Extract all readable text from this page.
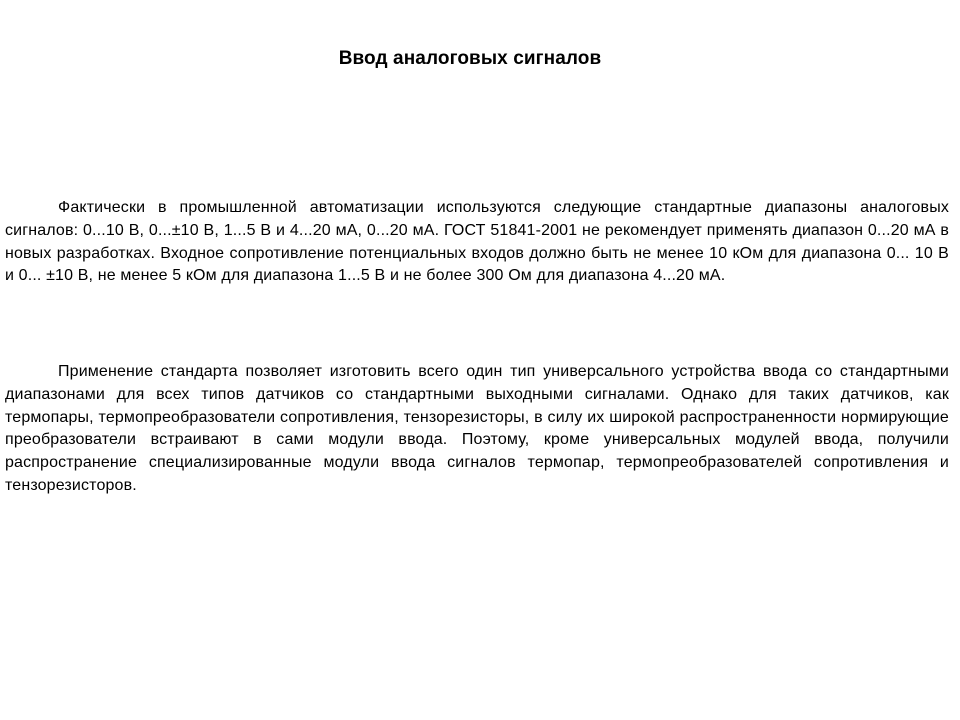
Ввод аналоговых сигналов

Фактически в промышленной автоматизации используются следующие стандартные диапазоны аналоговых сигналов: 0...10 В, 0...±10 В, 1...5 В и 4...20 мА, 0...20 мА. ГОСТ 51841-2001 не рекомендует применять диапазон 0...20 мА в новых разработках. Входное сопротивление потенциальных входов должно быть не менее 10 кОм для диапазона 0... 10 В и 0... ±10 В, не менее 5 кОм для диапазона 1...5 В и не более 300 Ом для диапазона 4...20 мА.

Применение стандарта позволяет изготовить всего один тип универсального устройства ввода со стандартными диапазонами для всех типов датчиков со стандартными выходными сигналами. Однако для таких датчиков, как термопары, термопреобразователи сопротивления, тензорезисторы, в силу их широкой распространенности нормирующие преобразователи встраивают в сами модули ввода. Поэтому, кроме универсальных модулей ввода, получили распространение специализированные модули ввода сигналов термопар, термопреобразователей сопротивления и тензорезисторов.
